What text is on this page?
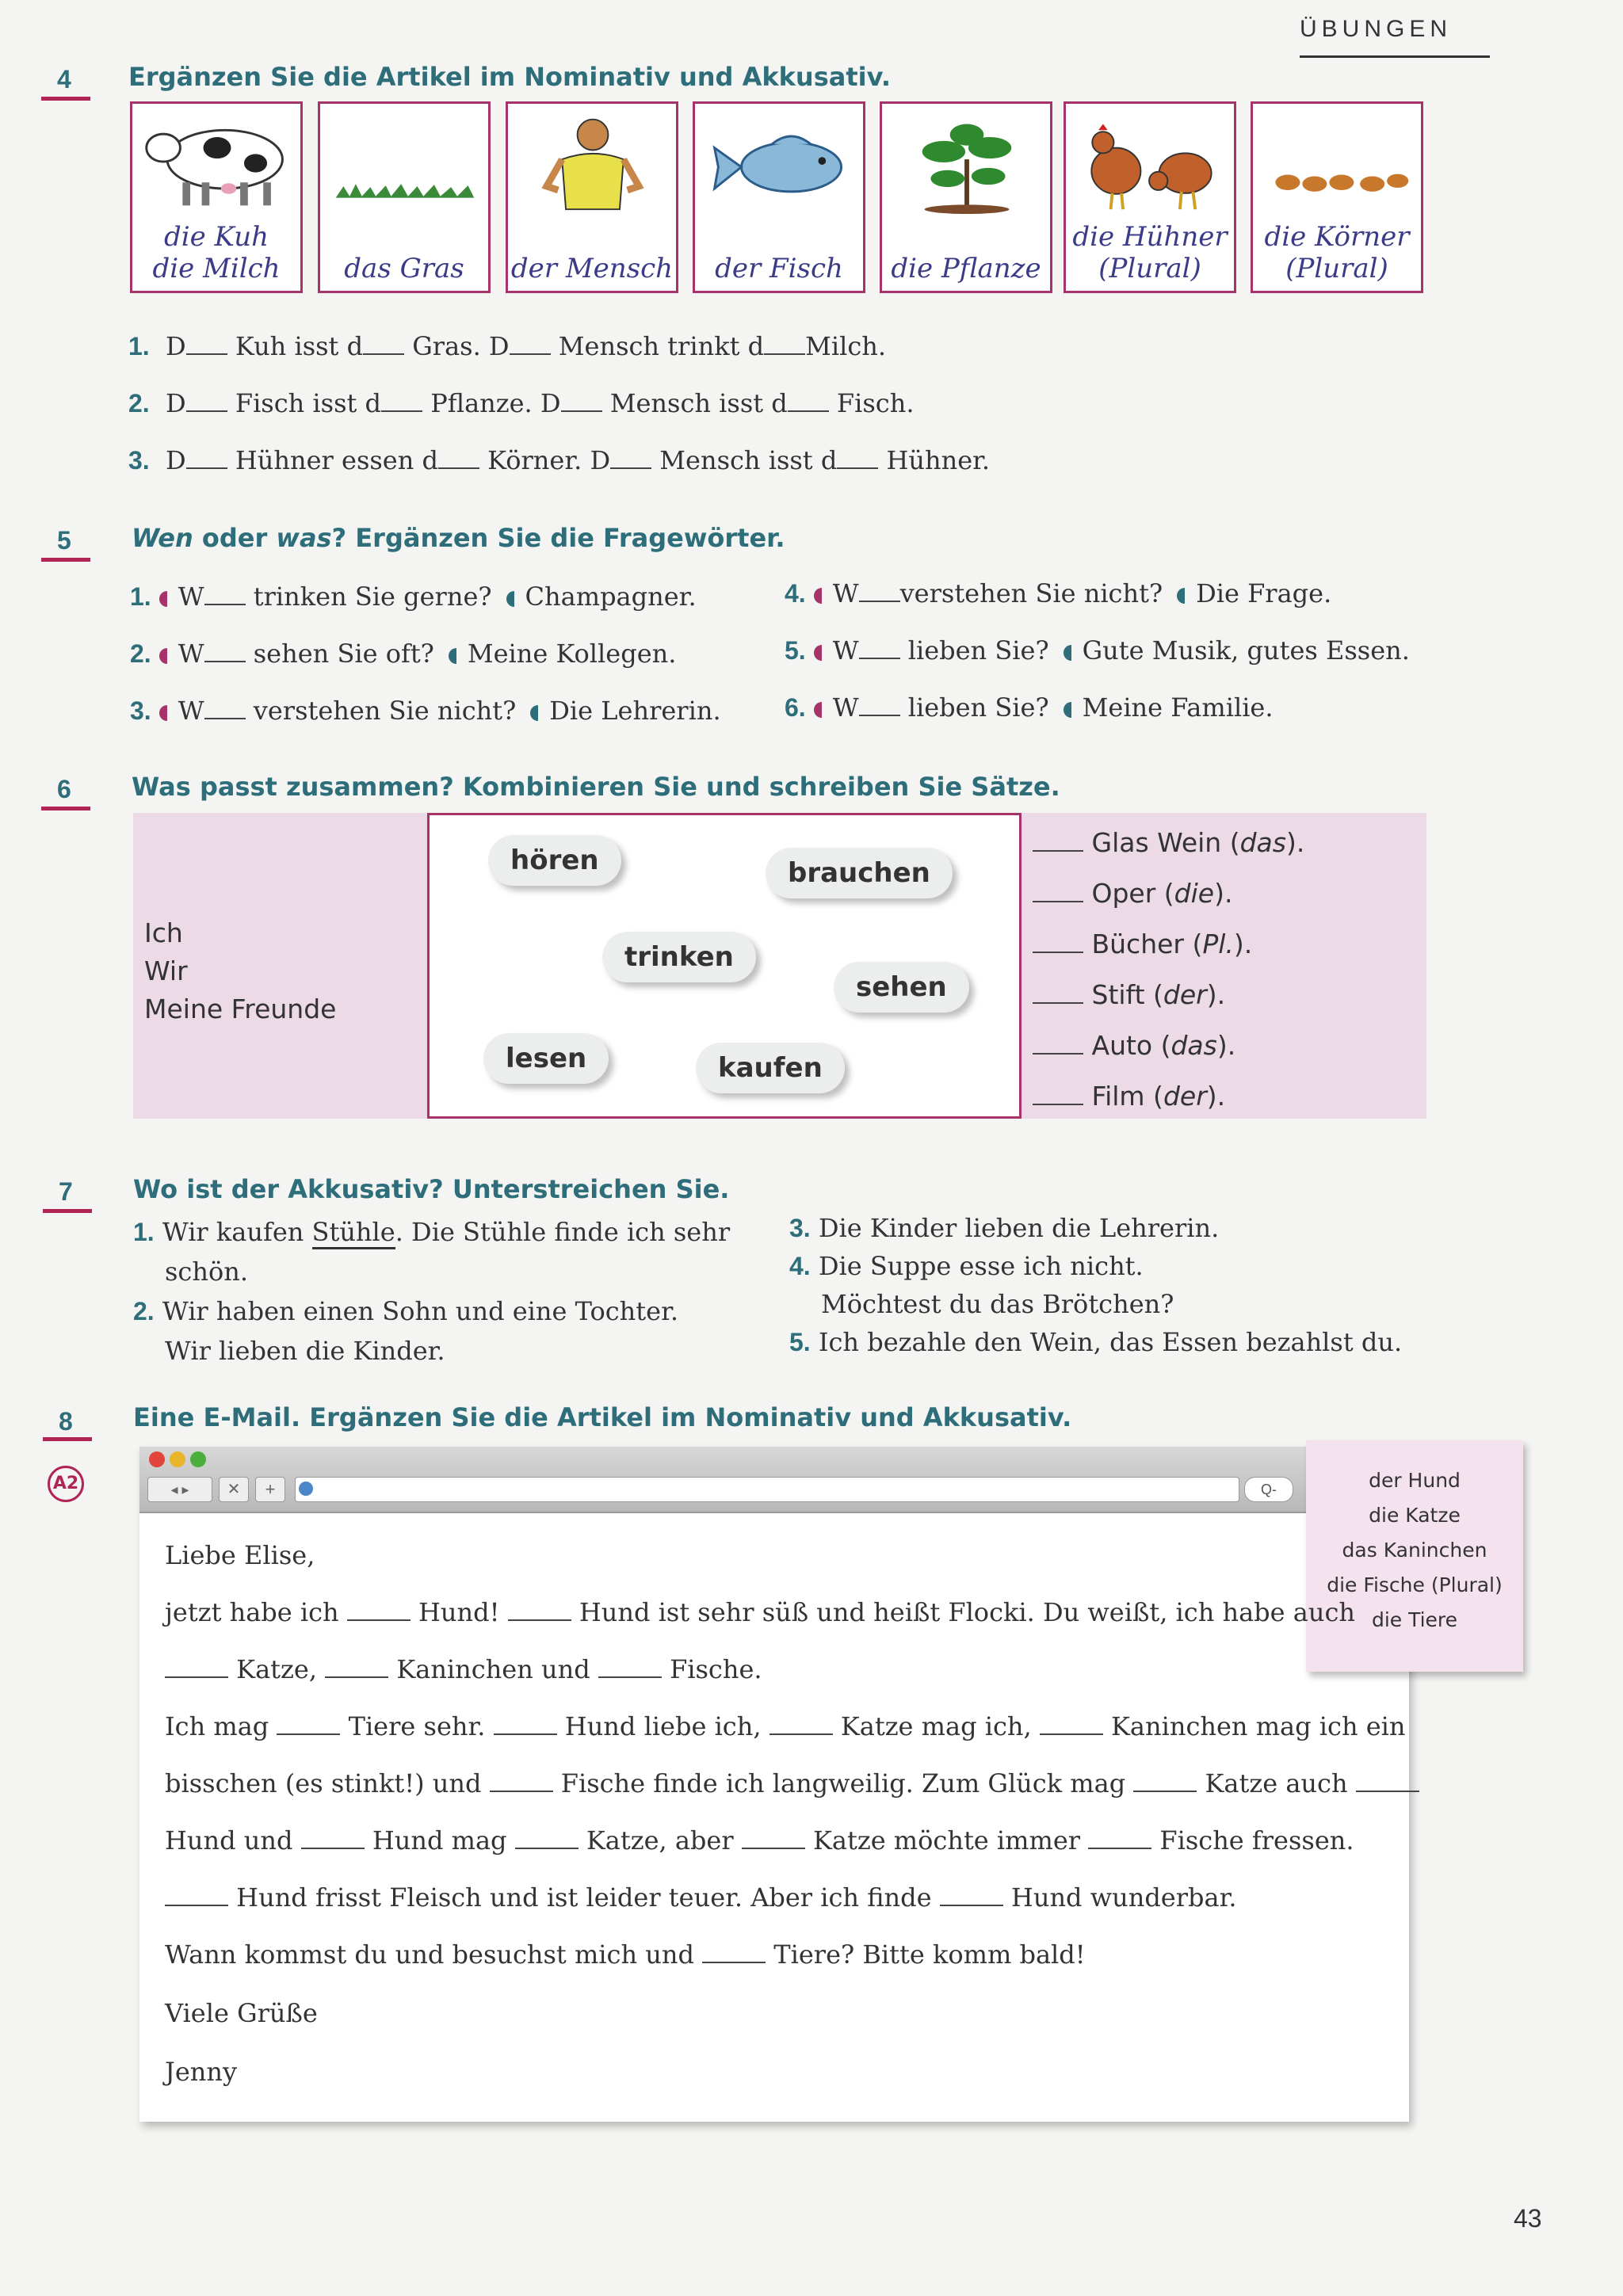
ÜBUNGEN
4 Ergänzen Sie die Artikel im Nominativ und Akkusativ.
die Kuh
die Milch	das Gras	der Mensch	der Fisch	die Pflanze
die Hühner
(Plural)
die Körner
(Plural)
1. D Kuh isst d Gras. D Mensch trinkt d Milch.
2. D Fisch isst d Pflanze. D Mensch isst d Fisch.
3. D Hühner essen d Körner. D Mensch isst d Hühner.
5 Wen oder was? Ergänzen Sie die Fragewörter.
1. W trinken Sie gerne? Champagner.
2. W sehen Sie oft? Meine Kollegen.
3. W verstehen Sie nicht? Die Lehrerin.
4. W verstehen Sie nicht? Die Frage.
5. W lieben Sie? Gute Musik, gutes Essen.
6. W lieben Sie? Meine Familie.
6 Was passt zusammen? Kombinieren Sie und schreiben Sie Sätze.
Ich
Wir
Meine Freunde
hören	brauchen
trinken
sehen
lesen	kaufen
Glas Wein (das).
Oper (die).
Bücher (Pl.).
Stift (der).
Auto (das).
Film (der).
7 Wo ist der Akkusativ? Unterstreichen Sie.
1. Wir kaufen Stühle. Die Stühle finde ich sehr
schön.
2. Wir haben einen Sohn und eine Tochter.
Wir lieben die Kinder.
3. Die Kinder lieben die Lehrerin.
4. Die Suppe esse ich nicht.
Möchtest du das Brötchen?
5. Ich bezahle den Wein, das Essen bezahlst du.
8
A2
Eine E-Mail. Ergänzen Sie die Artikel im Nominativ und Akkusativ.
◂ ▸	✕	+	Q-	der Hund
die Katze
das Kaninchen
die Fische (Plural)
die Tiere
Liebe Elise,
jetzt habe ich	Hund!	Hund ist sehr süß und heißt Flocki. Du weißt, ich habe auch
Katze,	Kaninchen und	Fische.
Ich mag	Tiere sehr.	Hund liebe ich,	Katze mag ich,	Kaninchen mag ich ein
bisschen (es stinkt!) und	Fische finde ich langweilig. Zum Glück mag	Katze auch
Hund und	Hund mag	Katze, aber	Katze möchte immer	Fische fressen.
Hund frisst Fleisch und ist leider teuer. Aber ich finde	Hund wunderbar.
Wann kommst du und besuchst mich und	Tiere? Bitte komm bald!
Viele Grüße
Jenny
43
